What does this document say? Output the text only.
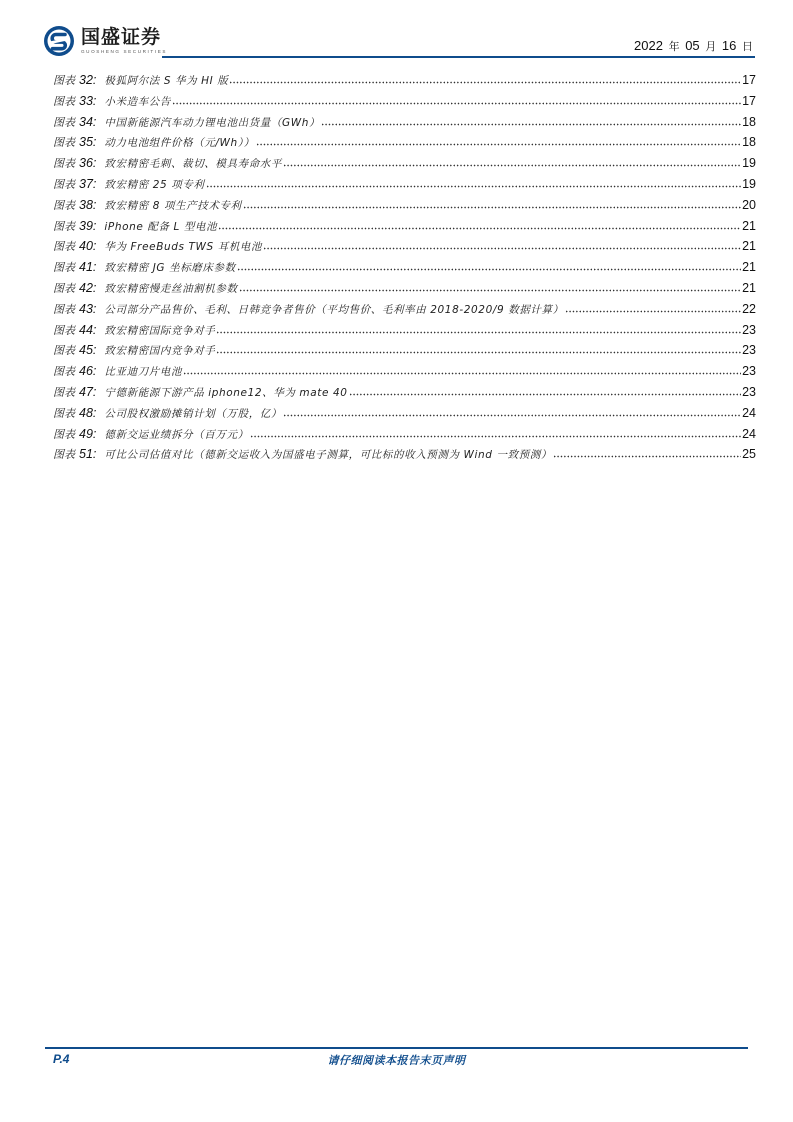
国盛证券
GUOSHENG SECURITIES	2022 年 05 月 16 日
图表 32: 极狐阿尔法 S 华为 HI 版	17
图表 33: 小米造车公告	17
图表 34: 中国新能源汽车动力锂电池出货量（GWh）	18
图表 35: 动力电池组件价格（元/Wh））	18
图表 36: 致宏精密毛刺、裁切、模具寿命水平	19
图表 37: 致宏精密 25 项专利	19
图表 38: 致宏精密 8 项生产技术专利	20
图表 39: iPhone 配备 L 型电池	21
图表 40: 华为 FreeBuds TWS 耳机电池	21
图表 41: 致宏精密 JG 坐标磨床参数	21
图表 42: 致宏精密慢走丝油割机参数	21
图表 43: 公司部分产品售价、毛利、日韩竞争者售价（平均售价、毛利率由 2018-2020/9 数据计算）	22
图表 44: 致宏精密国际竞争对手	23
图表 45: 致宏精密国内竞争对手	23
图表 46: 比亚迪刀片电池	23
图表 47: 宁德新能源下游产品 iphone12、华为 mate 40	23
图表 48: 公司股权激励摊销计划（万股，亿）	24
图表 49: 德新交运业绩拆分（百万元）	24
图表 51: 可比公司估值对比（德新交运收入为国盛电子测算，可比标的收入预测为 Wind 一致预测）	25
P.4	请仔细阅读本报告末页声明
